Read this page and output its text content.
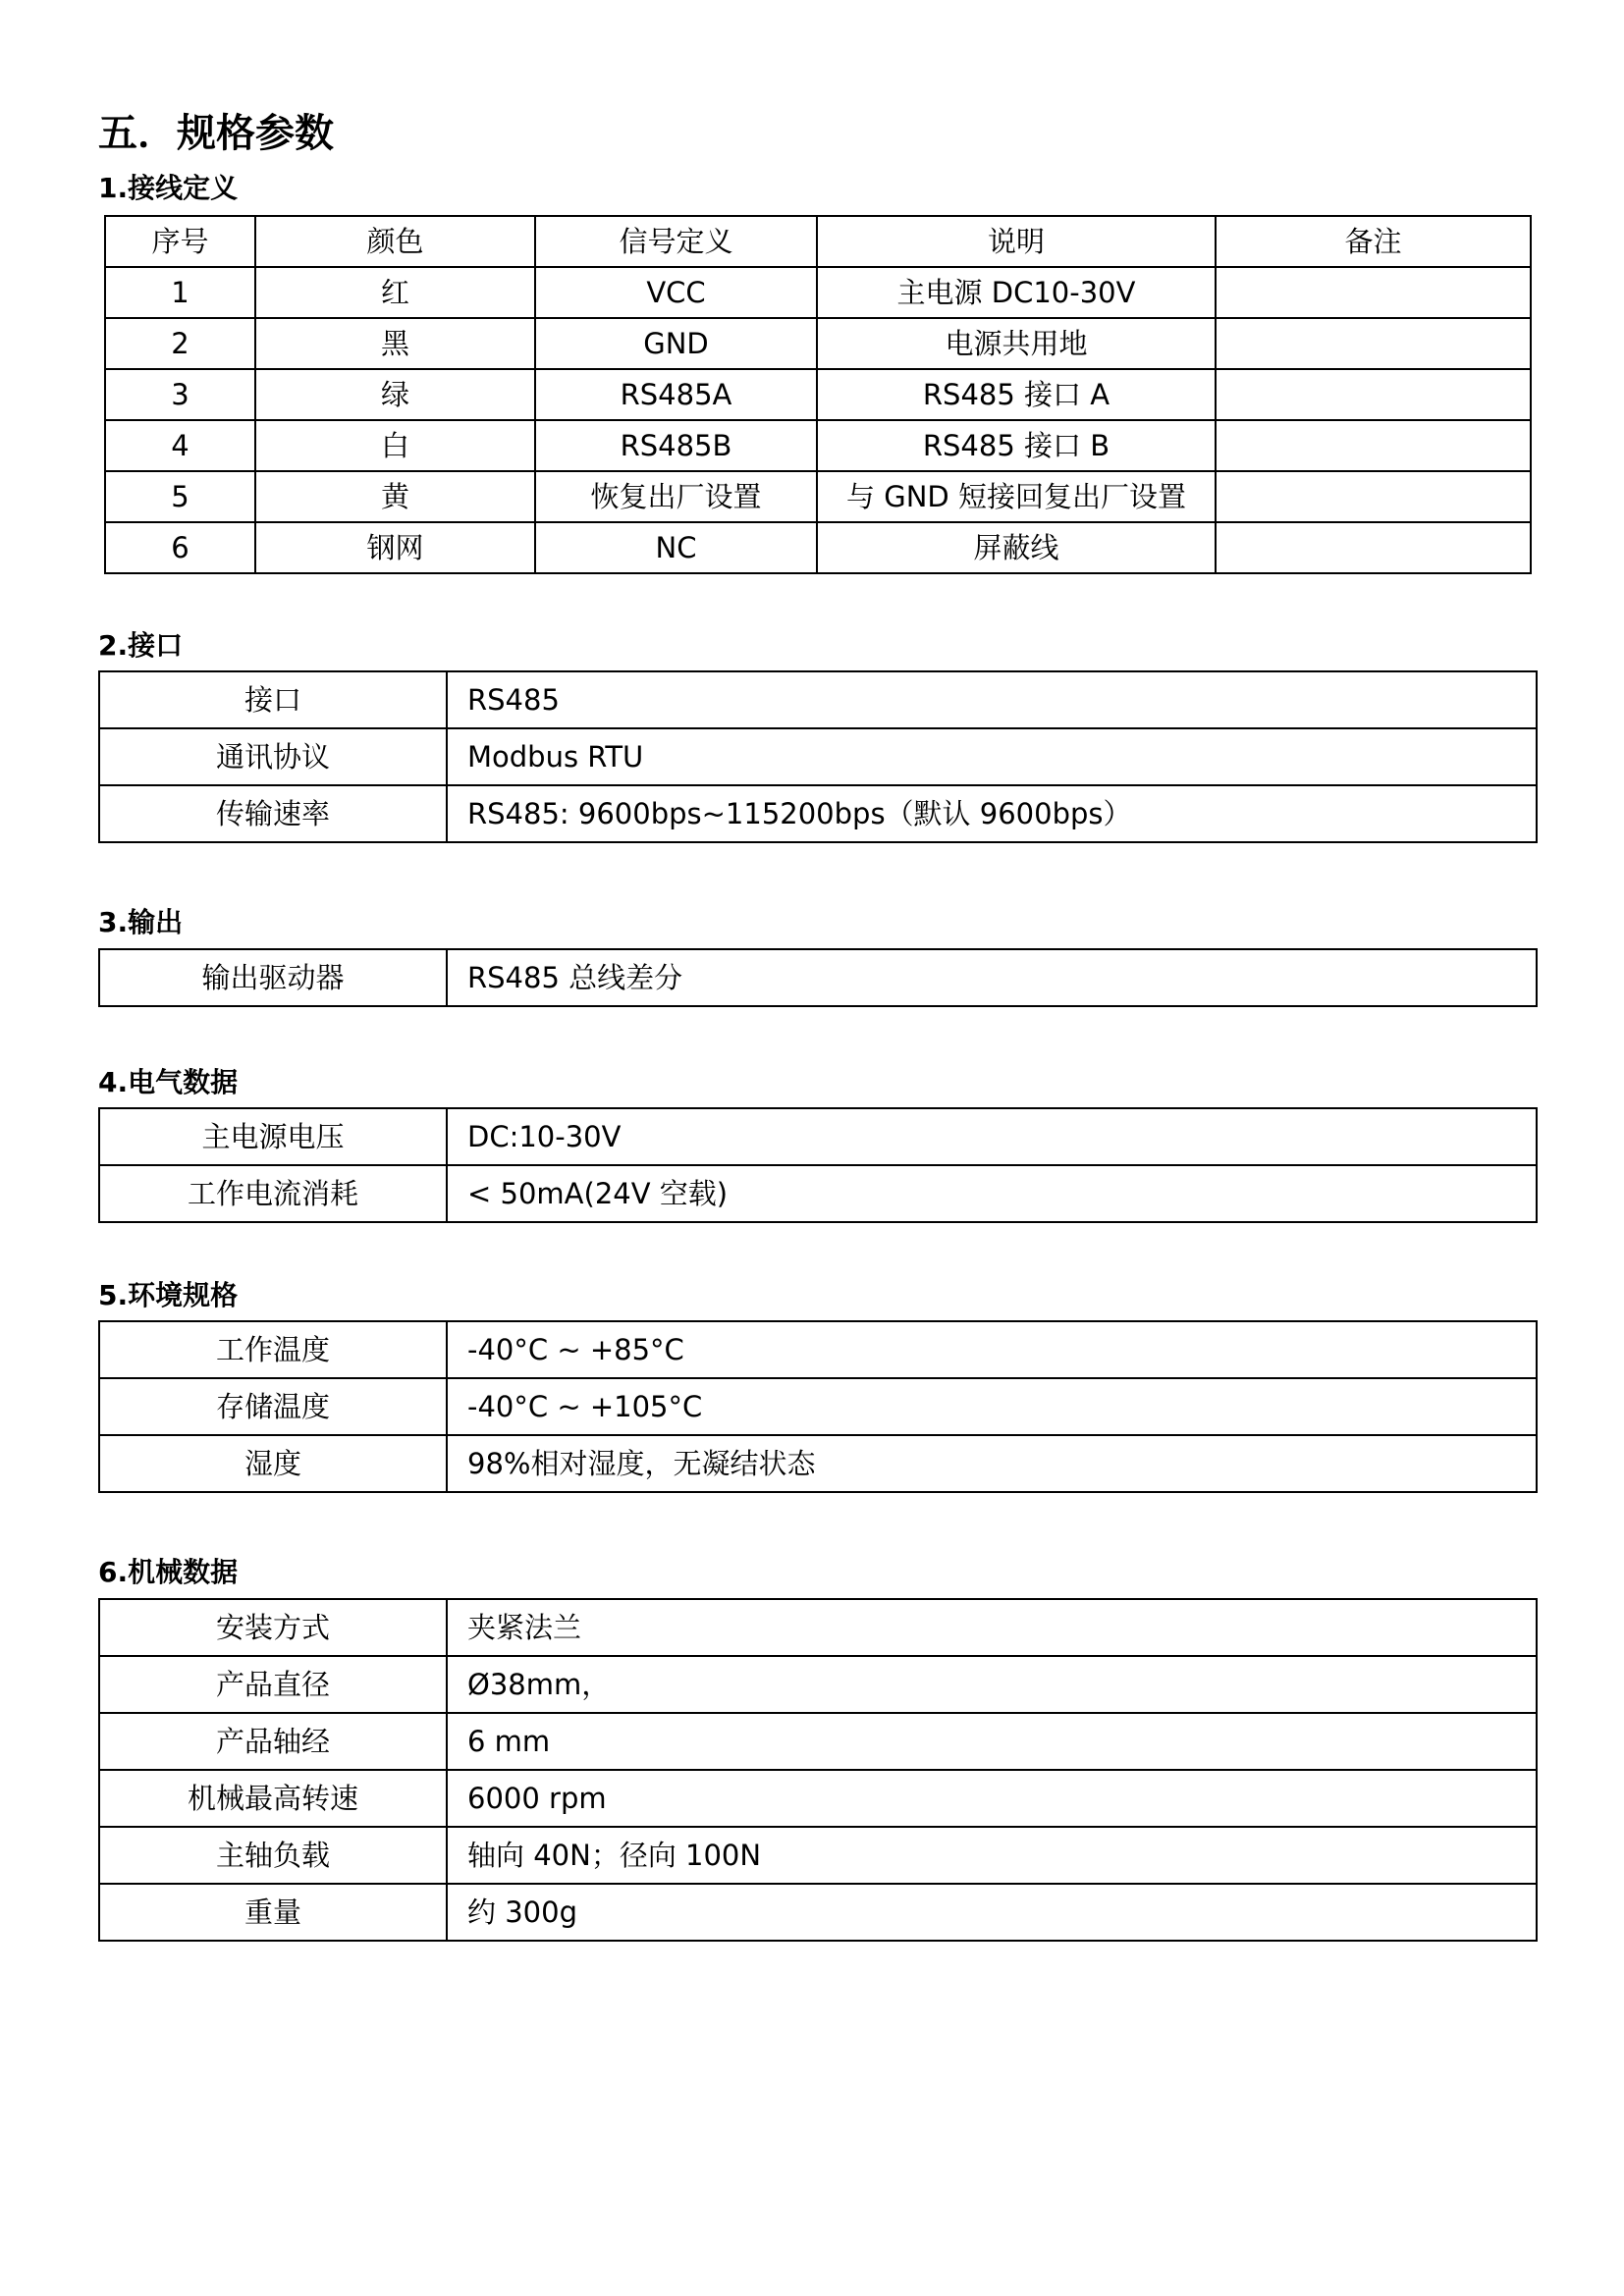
五．规格参数
1.接线定义
序号	颜色	信号定义	说明	备注
1	红	VCC	主电源 DC10-30V	
2	黑	GND	电源共用地	
3	绿	RS485A	RS485 接口 A	
4	白	RS485B	RS485 接口 B	
5	黄	恢复出厂设置	与 GND 短接回复出厂设置	
6	钢网	NC	屏蔽线	
2.接口
接口	RS485
通讯协议	Modbus RTU
传输速率	RS485: 9600bps~115200bps（默认 9600bps）
3.输出
输出驱动器	RS485 总线差分
4.电气数据
主电源电压	DC:10-30V
工作电流消耗	< 50mA(24V 空载)
5.环境规格
工作温度	-40°C ~ +85°C
存储温度	-40°C ~ +105°C
湿度	98%相对湿度，无凝结状态
6.机械数据
安装方式	夹紧法兰
产品直径	Ø38mm，
产品轴经	6 mm
机械最高转速	6000 rpm
主轴负载	轴向 40N；径向 100N
重量	约 300g
